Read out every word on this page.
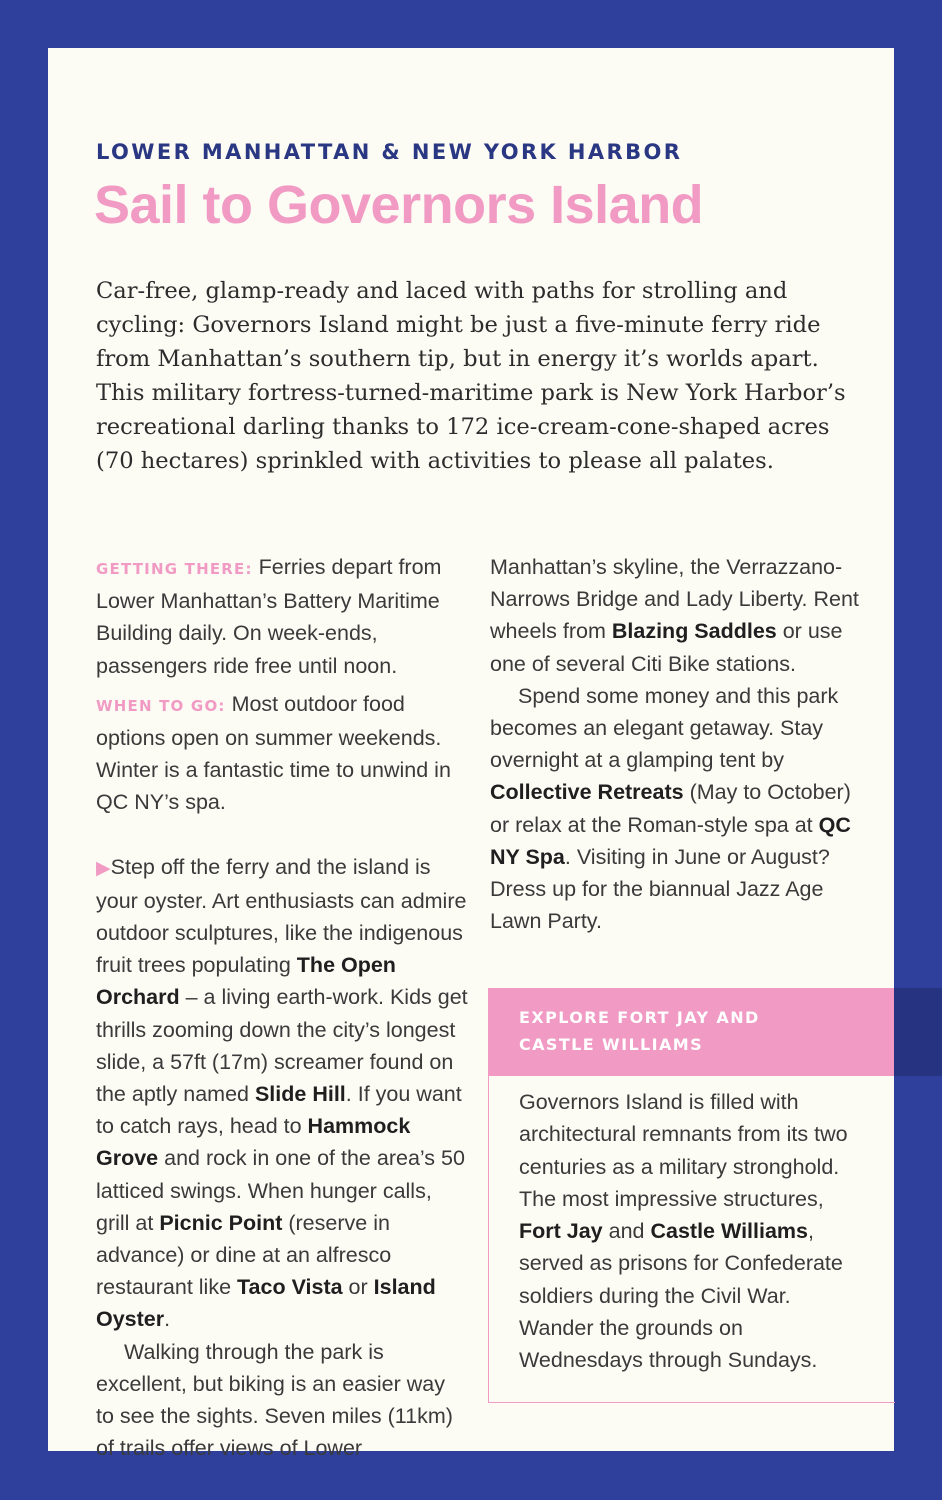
LOWER MANHATTAN & NEW YORK HARBOR
Sail to Governors Island

Car-free, glamp-ready and laced with paths for strolling and cycling: Governors Island might be just a five-minute ferry ride from Manhattan’s southern tip, but in energy it’s worlds apart. This military fortress-turned-maritime park is New York Harbor’s recreational darling thanks to 172 ice-cream-cone-shaped acres (70 hectares) sprinkled with activities to please all palates.

GETTING THERE: Ferries depart from Lower Manhattan’s Battery Maritime Building daily. On week-ends, passengers ride free until noon.

WHEN TO GO: Most outdoor food options open on summer weekends. Winter is a fantastic time to unwind in QC NY’s spa.

▶Step off the ferry and the island is your oyster. Art enthusiasts can admire outdoor sculptures, like the indigenous fruit trees populating The Open Orchard – a living earth-work. Kids get thrills zooming down the city’s longest slide, a 57ft (17m) screamer found on the aptly named Slide Hill. If you want to catch rays, head to Hammock Grove and rock in one of the area’s 50 latticed swings. When hunger calls, grill at Picnic Point (reserve in advance) or dine at an alfresco restaurant like Taco Vista or Island Oyster.

Walking through the park is excellent, but biking is an easier way to see the sights. Seven miles (11km) of trails offer views of Lower

Manhattan’s skyline, the Verrazzano-Narrows Bridge and Lady Liberty. Rent wheels from Blazing Saddles or use one of several Citi Bike stations.

Spend some money and this park becomes an elegant getaway. Stay overnight at a glamping tent by Collective Retreats (May to October) or relax at the Roman-style spa at QC NY Spa. Visiting in June or August? Dress up for the biannual Jazz Age Lawn Party.

EXPLORE FORT JAY AND
CASTLE WILLIAMS

Governors Island is filled with architectural remnants from its two centuries as a military stronghold. The most impressive structures, Fort Jay and Castle Williams, served as prisons for Confederate soldiers during the Civil War. Wander the grounds on Wednesdays through Sundays.
